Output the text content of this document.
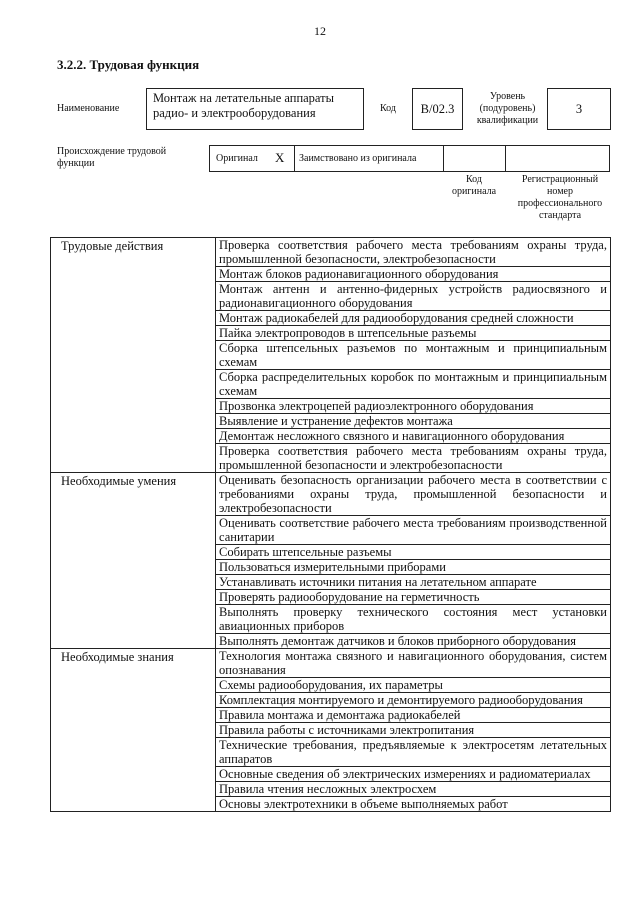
12
3.2.2. Трудовая функция
Наименование
Монтаж на летательные аппараты
радио- и электрооборудования	Код	В/02.3
Уровень
(подуровень)
квалификации
3
Происхождение трудовой
функции	Оригинал X Заимствовано из оригинала
Код
оригинала
Регистрационный
номер
профессионального
стандарта
Трудовые действия	Проверка соответствия рабочего места требованиям охраны труда, промышленной безопасности, электробезопасности
	Монтаж блоков радионавигационного оборудования
	Монтаж антенн и антенно-фидерных устройств радиосвязного и радионавигационного оборудования
	Монтаж радиокабелей для радиооборудования средней сложности
	Пайка электропроводов в штепсельные разъемы
	Сборка штепсельных разъемов по монтажным и принципиальным схемам
	Сборка распределительных коробок по монтажным и принципиальным схемам
	Прозвонка электроцепей радиоэлектронного оборудования
	Выявление и устранение дефектов монтажа
	Демонтаж несложного связного и навигационного оборудования
	Проверка соответствия рабочего места требованиям охраны труда, промышленной безопасности и электробезопасности
Необходимые умения	Оценивать безопасность организации рабочего места в соответствии с требованиями охраны труда, промышленной безопасности и электробезопасности
	Оценивать соответствие рабочего места требованиям производственной санитарии
	Собирать штепсельные разъемы
	Пользоваться измерительными приборами
	Устанавливать источники питания на летательном аппарате
	Проверять радиооборудование на герметичность
	Выполнять проверку технического состояния мест установки авиационных приборов
	Выполнять демонтаж датчиков и блоков приборного оборудования
Необходимые знания	Технология монтажа связного и навигационного оборудования, систем опознавания
	Схемы радиооборудования, их параметры
	Комплектация монтируемого и демонтируемого радиооборудования
	Правила монтажа и демонтажа радиокабелей
	Правила работы с источниками электропитания
	Технические требования, предъявляемые к электросетям летательных аппаратов
	Основные сведения об электрических измерениях и радиоматериалах
	Правила чтения несложных электросхем
	Основы электротехники в объеме выполняемых работ
